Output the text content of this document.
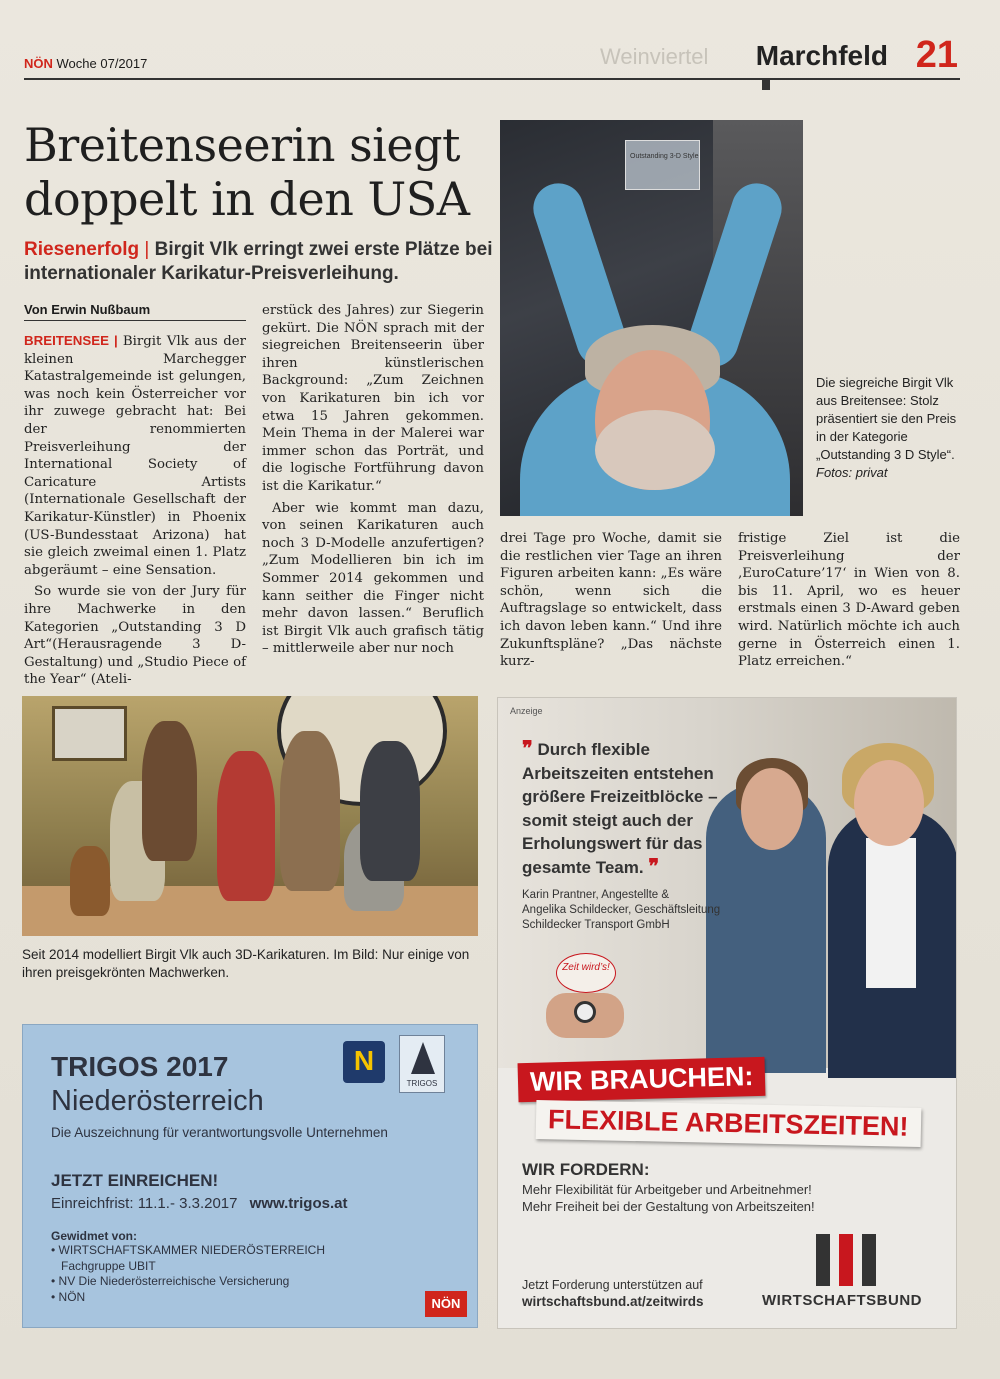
NÖN Woche 07/2017	Weinviertel Marchfeld 21
Breitenseerin siegt
doppelt in den USA
Riesenerfolg | Birgit Vlk erringt zwei erste Plätze bei internationaler Karikatur-Preisverleihung.
Von Erwin Nußbaum

BREITENSEE | Birgit Vlk aus der kleinen Marchegger Katastralgemeinde ist gelungen, was noch kein Österreicher vor ihr zuwege gebracht hat: Bei der renommierten Preisverleihung der International Society of Caricature Artists (Internationale Gesellschaft der Karikatur-Künstler) in Phoenix (US-Bundesstaat Arizona) hat sie gleich zweimal einen 1. Platz abgeräumt – eine Sensation.

So wurde sie von der Jury für ihre Machwerke in den Kategorien „Outstanding 3 D Art“(Herausragende 3 D-Gestaltung) und „Studio Piece of the Year“ (Ateli-

erstück des Jahres) zur Siegerin gekürt. Die NÖN sprach mit der siegreichen Breitenseerin über ihren künstlerischen Background: „Zum Zeichnen von Karikaturen bin ich vor etwa 15 Jahren gekommen. Mein Thema in der Malerei war immer schon das Porträt, und die logische Fortführung davon ist die Karikatur.“

Aber wie kommt man dazu, von seinen Karikaturen auch noch 3 D-Modelle anzufertigen? „Zum Modellieren bin ich im Sommer 2014 gekommen und kann seither die Finger nicht mehr davon lassen.“ Beruflich ist Birgit Vlk auch grafisch tätig – mittlerweile aber nur noch

Outstanding 3-D Style
Die siegreiche Birgit Vlk aus Breitensee: Stolz präsentiert sie den Preis in der Kategorie „Outstanding 3 D Style“.
Fotos: privat

drei Tage pro Woche, damit sie die restlichen vier Tage an ihren Figuren arbeiten kann: „Es wäre schön, wenn sich die Auftragslage so entwickelt, dass ich davon leben kann.“ Und ihre Zukunftspläne? „Das nächste kurz-

fristige Ziel ist die Preisverleihung der ‚EuroCature’17‘ in Wien von 8. bis 11. April, wo es heuer erstmals einen 3 D-Award geben wird. Natürlich möchte ich auch gerne in Österreich einen 1. Platz erreichen.“

Seit 2014 modelliert Birgit Vlk auch 3D-Karikaturen. Im Bild: Nur einige von ihren preisgekrönten Machwerken.
TRIGOS 2017
Niederösterreich
Die Auszeichnung für verantwortungsvolle Unternehmen
JETZT EINREICHEN!
Einreichfrist: 11.1.- 3.3.2017 www.trigos.at
Gewidmet von:
• WIRTSCHAFTSKAMMER NIEDERÖSTERREICH
Fachgruppe UBIT
• NV Die Niederösterreichische Versicherung
• NÖN
N
TRIGOS
NÖN
Anzeige
❞ Durch flexible Arbeitszeiten entstehen größere Freizeitblöcke – somit steigt auch der Erholungswert für das gesamte Team. ❞
Karin Prantner, Angestellte &
Angelika Schildecker, Geschäftsleitung
Schildecker Transport GmbH
Zeit wird’s!
WIR BRAUCHEN:
FLEXIBLE ARBEITSZEITEN!
WIR FORDERN:
Mehr Flexibilität für Arbeitgeber und Arbeitnehmer!
Mehr Freiheit bei der Gestaltung von Arbeitszeiten!
Jetzt Forderung unterstützen auf
wirtschaftsbund.at/zeitwirds	WIRTSCHAFTSBUND
